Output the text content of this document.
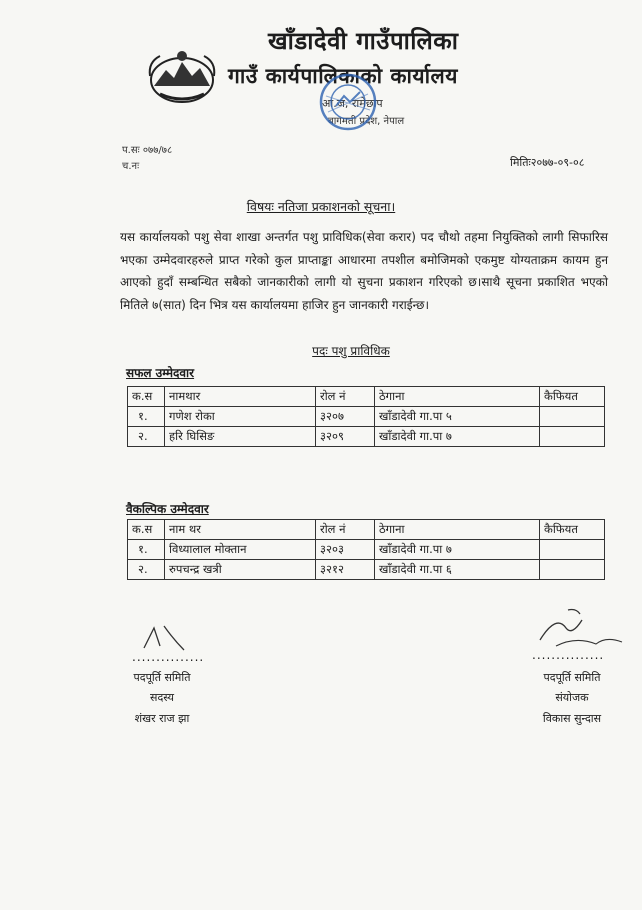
खाँडादेवी गाउँपालिका
गाउँ कार्यपालिकाको कार्यालय
आ.ज, रामेछाप
बागमती प्रदेश, नेपाल
प.सः ०७७/७८
च.नः	मितिः२०७७-०९-०८
विषयः नतिजा प्रकाशनको सूचना।
यस कार्यालयको पशु सेवा शाखा अन्तर्गत पशु प्राविधिक(सेवा करार) पद चौथो तहमा नियुक्तिको लागी सिफारिस भएका उम्मेदवारहरुले प्राप्त गरेको कुल प्राप्ताङ्का आधारमा तपशील बमोजिमको एकमुष्ट योग्यताक्रम कायम हुन आएको हुदाँ सम्बन्धित सबैको जानकारीको लागी यो सुचना प्रकाशन गरिएको छ।साथै सूचना प्रकाशित भएको मितिले ७(सात) दिन भित्र यस कार्यालयमा हाजिर हुन जानकारी गराईन्छ।
पदः पशु प्राविधिक
सफल उम्मेदवार
क.स	नामथार	रोल नं	ठेगाना	कैफियत
१.	गणेश रोका	३२०७	खाँडादेवी गा.पा ५	
२.	हरि घिसिङ	३२०९	खाँडादेवी गा.पा ७	
वैकल्पिक उम्मेदवार
क.स	नाम थर	रोल नं	ठेगाना	कैफियत
१.	विध्यालाल मोक्तान	३२०३	खाँडादेवी गा.पा ७	
२.	रुपचन्द्र खत्री	३२१२	खाँडादेवी गा.पा ६	
...............
पदपूर्ति समिति
सदस्य
शंखर राज झा
...............
पदपूर्ति समिति
संयोजक
विकास सुन्दास
